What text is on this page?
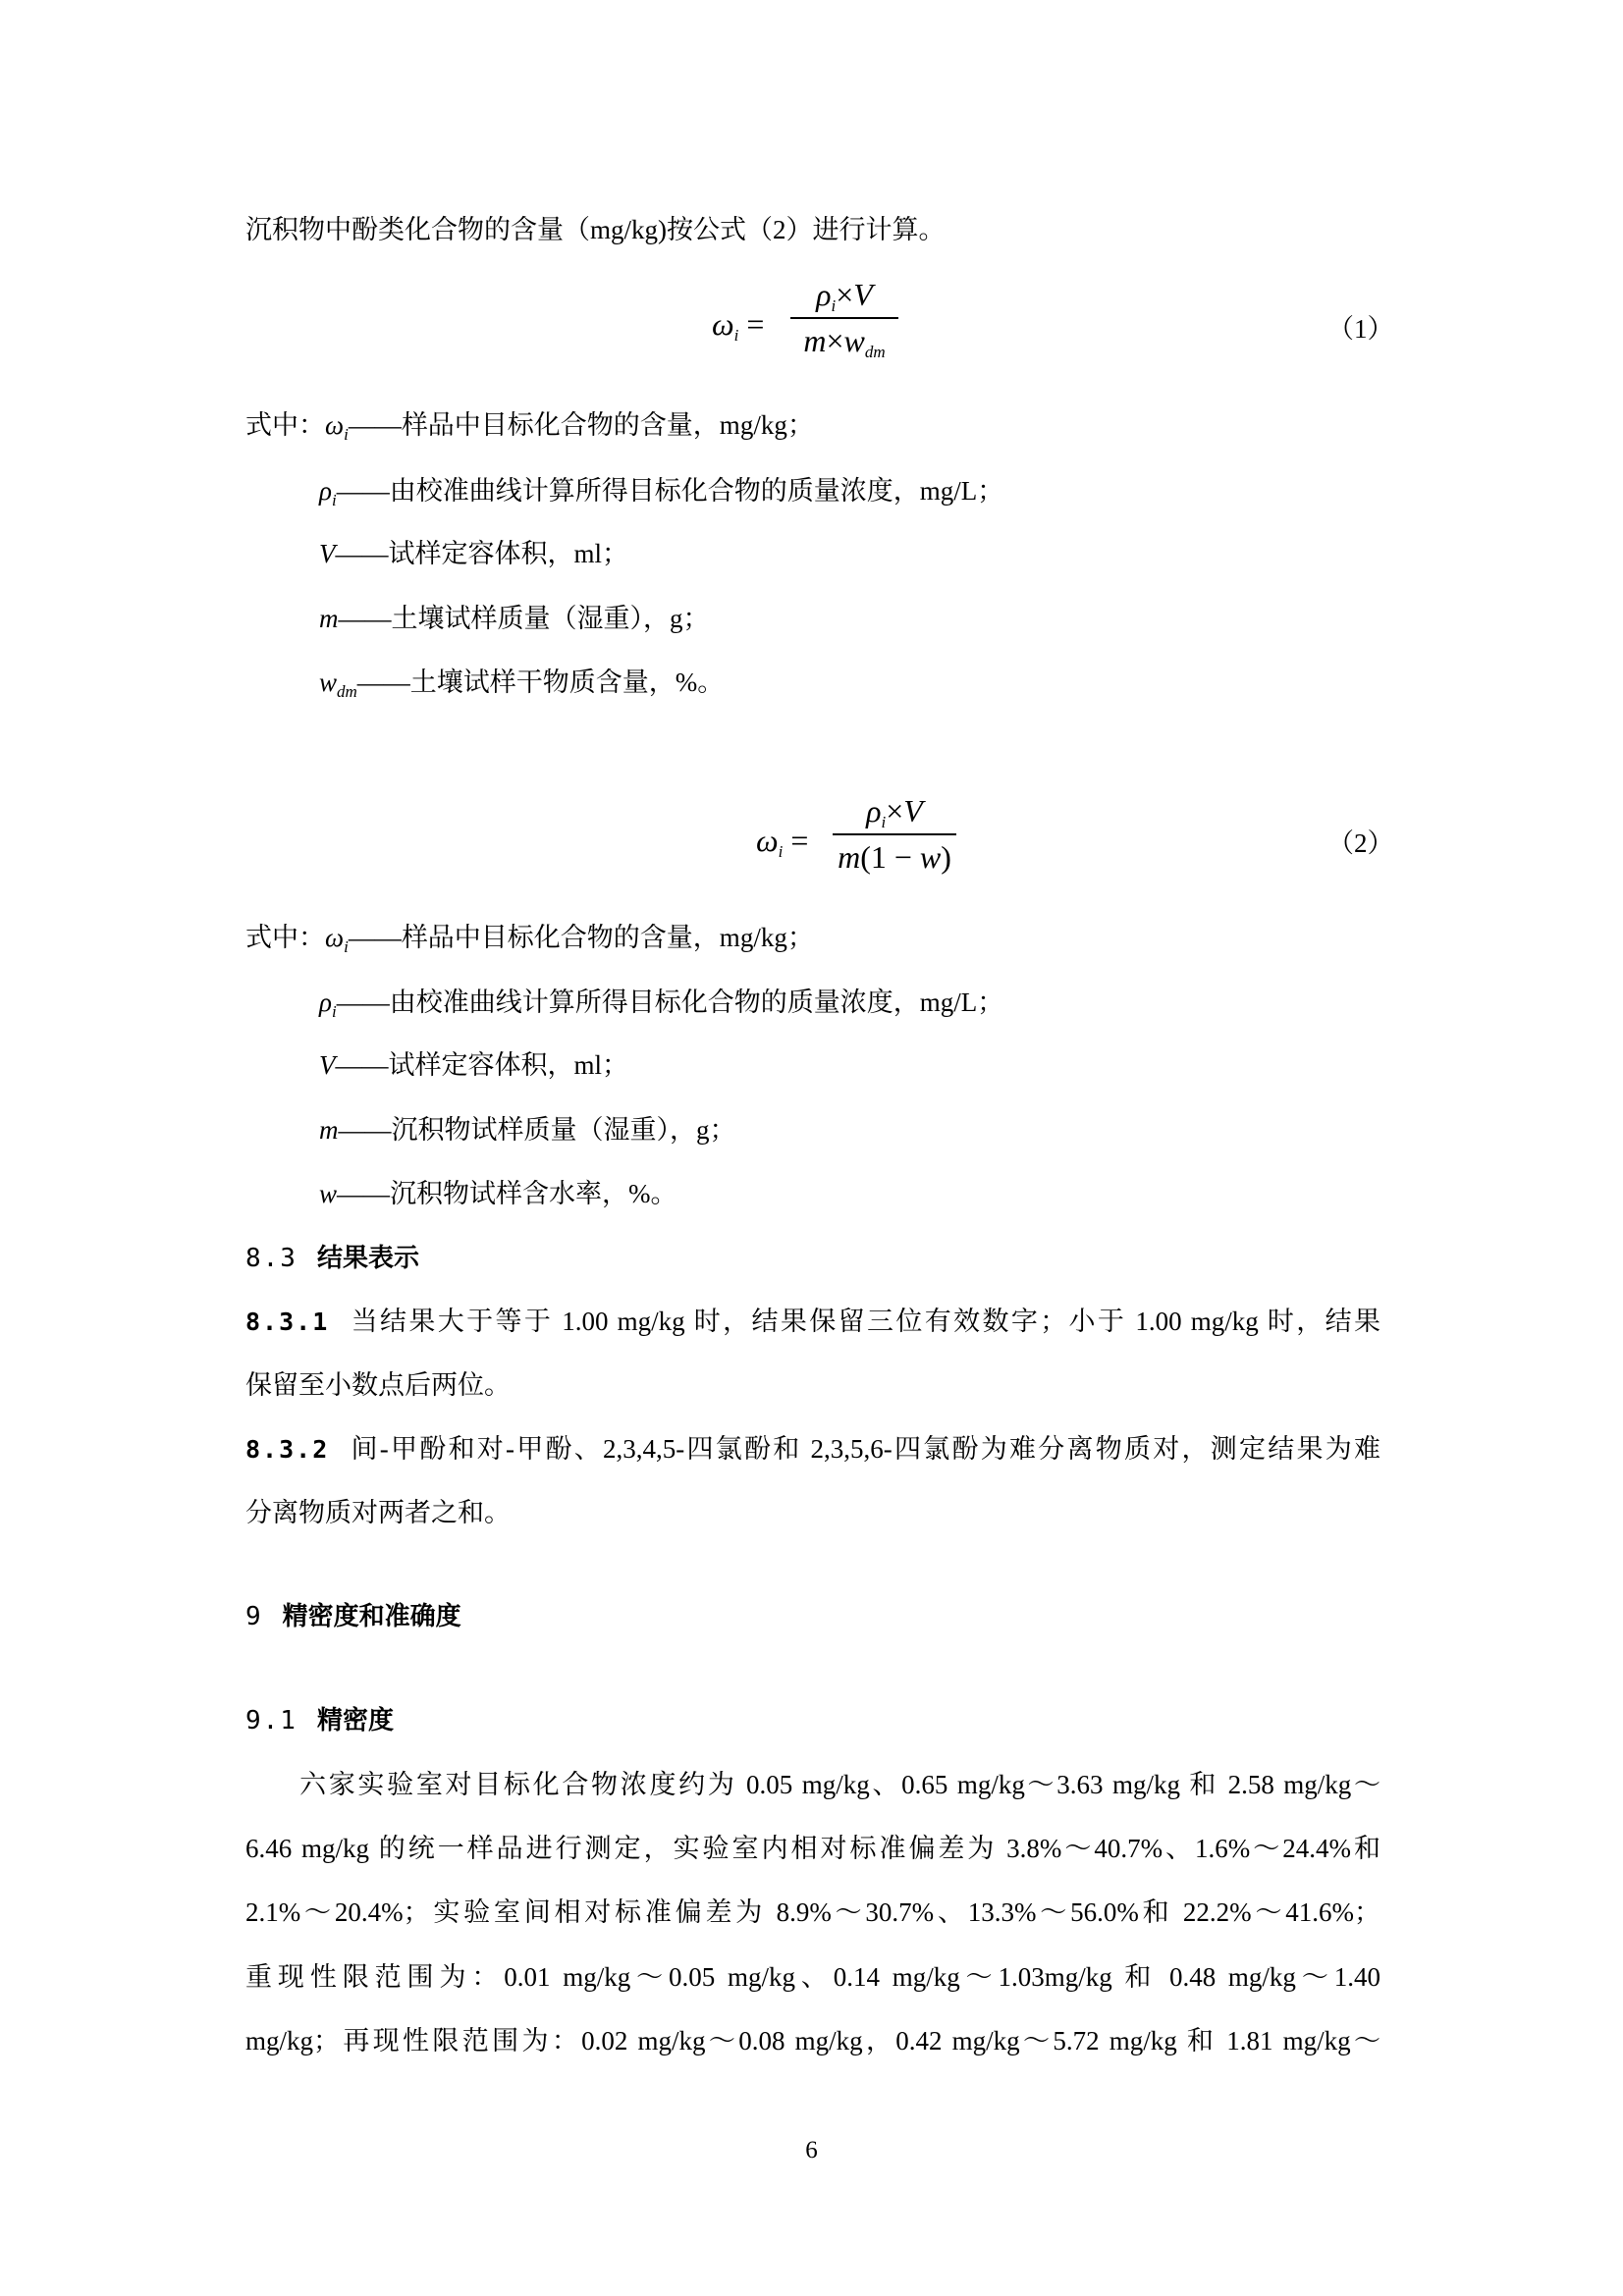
沉积物中酚类化合物的含量（mg/kg)按公式（2）进行计算。
$\omega_i$ =
$\rho_i\times V$
$m\times w_{dm}$
（1）
式中：$\omega_i——$样品中目标化合物的含量，mg/kg；
$\rho_i——$由校准曲线计算所得目标化合物的质量浓度，mg/L；
V——试样定容体积，ml；
m——土壤试样质量（湿重），g；
$w_{dm}——$土壤试样干物质含量，%。
$\omega_i$ =
$\rho_i\times V$
m(1 − w)	（2）
式中：$\omega_i——$样品中目标化合物的含量，mg/kg；
$\rho_i——$由校准曲线计算所得目标化合物的质量浓度，mg/L；
V——试样定容体积，ml；
m——沉积物试样质量（湿重），g；
w——沉积物试样含水率，%。
8.3 结果表示
8.3.1 当结果大于等于 1.00 mg/kg 时，结果保留三位有效数字；小于 1.00 mg/kg 时，结果
保留至小数点后两位。
8.3.2 间-甲酚和对-甲酚、2,3,4,5-四氯酚和 2,3,5,6-四氯酚为难分离物质对，测定结果为难
分离物质对两者之和。
9 精密度和准确度
9.1 精密度
六家实验室对目标化合物浓度约为 0.05 mg/kg、0.65 mg/kg～3.63 mg/kg 和 2.58 mg/kg～
6.46 mg/kg 的统一样品进行测定，实验室内相对标准偏差为 3.8%～40.7%、1.6%～24.4%和
2.1%～20.4%；实验室间相对标准偏差为 8.9%～30.7%、13.3%～56.0%和 22.2%～41.6%；
重现性限范围为：0.01 mg/kg～0.05 mg/kg、0.14 mg/kg～1.03mg/kg 和 0.48 mg/kg～1.40
mg/kg；再现性限范围为：0.02 mg/kg～0.08 mg/kg，0.42 mg/kg～5.72 mg/kg 和 1.81 mg/kg～
6
